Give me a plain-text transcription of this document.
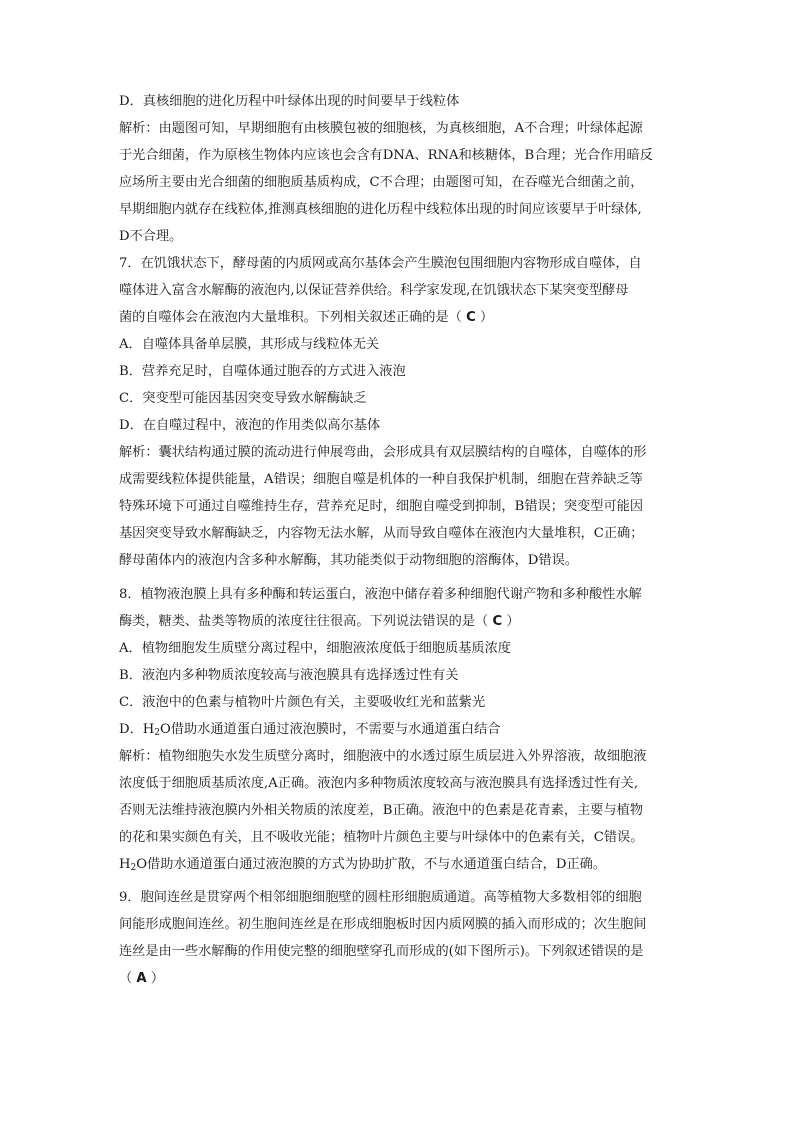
D．真核细胞的进化历程中叶绿体出现的时间要早于线粒体
解析：由题图可知，早期细胞有由核膜包被的细胞核，为真核细胞，A不合理；叶绿体起源
于光合细菌，作为原核生物体内应该也会含有DNA、RNA和核糖体，B合理；光合作用暗反
应场所主要由光合细菌的细胞质基质构成，C不合理；由题图可知，在吞噬光合细菌之前，
早期细胞内就存在线粒体,推测真核细胞的进化历程中线粒体出现的时间应该要早于叶绿体,
D不合理。
7．在饥饿状态下，酵母菌的内质网或高尔基体会产生膜泡包围细胞内容物形成自噬体，自
噬体进入富含水解酶的液泡内,以保证营养供给。科学家发现,在饥饿状态下某突变型酵母
菌的自噬体会在液泡内大量堆积。下列相关叙述正确的是（ C ）
A．自噬体具备单层膜，其形成与线粒体无关
B．营养充足时，自噬体通过胞吞的方式进入液泡
C．突变型可能因基因突变导致水解酶缺乏
D．在自噬过程中，液泡的作用类似高尔基体
解析：囊状结构通过膜的流动进行伸展弯曲，会形成具有双层膜结构的自噬体，自噬体的形
成需要线粒体提供能量，A错误；细胞自噬是机体的一种自我保护机制，细胞在营养缺乏等
特殊环境下可通过自噬维持生存，营养充足时，细胞自噬受到抑制，B错误；突变型可能因
基因突变导致水解酶缺乏，内容物无法水解，从而导致自噬体在液泡内大量堆积，C正确；
酵母菌体内的液泡内含多种水解酶，其功能类似于动物细胞的溶酶体，D错误。
8．植物液泡膜上具有多种酶和转运蛋白，液泡中储存着多种细胞代谢产物和多种酸性水解
酶类，糖类、盐类等物质的浓度往往很高。下列说法错误的是（ C ）
A．植物细胞发生质壁分离过程中，细胞液浓度低于细胞质基质浓度
B．液泡内多种物质浓度较高与液泡膜具有选择透过性有关
C．液泡中的色素与植物叶片颜色有关，主要吸收红光和蓝紫光
D．$H_2O$借助水通道蛋白通过液泡膜时，不需要与水通道蛋白结合
解析：植物细胞失水发生质壁分离时，细胞液中的水透过原生质层进入外界溶液，故细胞液
浓度低于细胞质基质浓度,A正确。液泡内多种物质浓度较高与液泡膜具有选择透过性有关,
否则无法维持液泡膜内外相关物质的浓度差，B正确。液泡中的色素是花青素，主要与植物
的花和果实颜色有关，且不吸收光能；植物叶片颜色主要与叶绿体中的色素有关，C错误。
$H_2O$借助水通道蛋白通过液泡膜的方式为协助扩散，不与水通道蛋白结合，D正确。
9．胞间连丝是贯穿两个相邻细胞细胞壁的圆柱形细胞质通道。高等植物大多数相邻的细胞
间能形成胞间连丝。初生胞间连丝是在形成细胞板时因内质网膜的插入而形成的；次生胞间
连丝是由一些水解酶的作用使完整的细胞壁穿孔而形成的(如下图所示)。下列叙述错误的是
（ A ）
